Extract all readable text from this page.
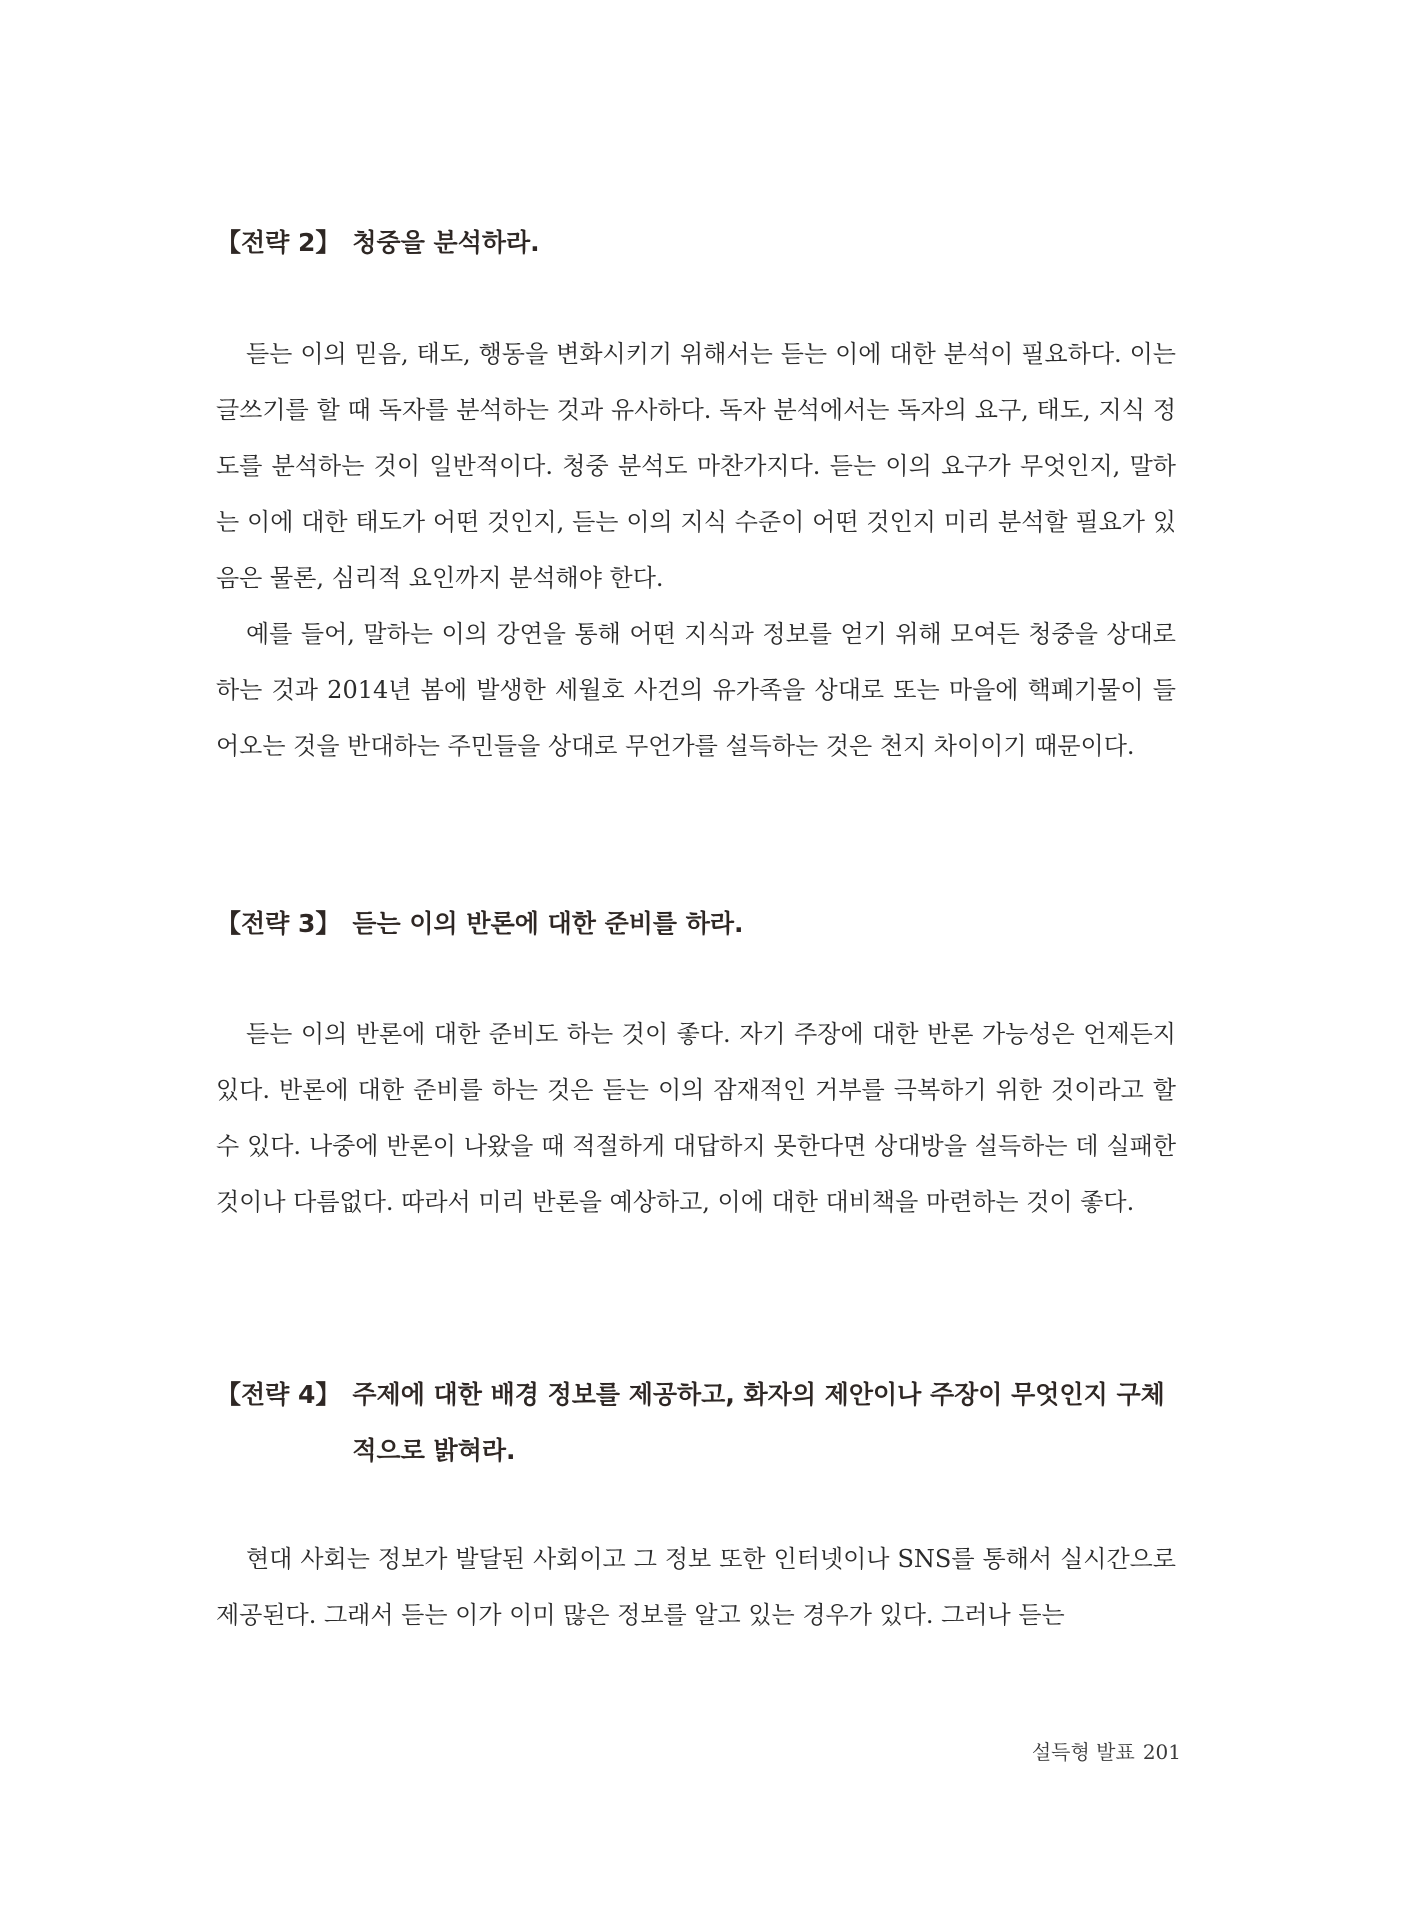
【전략 2】 청중을 분석하라.

듣는 이의 믿음, 태도, 행동을 변화시키기 위해서는 듣는 이에 대한 분석이 필요하다. 이는 글쓰기를 할 때 독자를 분석하는 것과 유사하다. 독자 분석에서는 독자의 요구, 태도, 지식 정도를 분석하는 것이 일반적이다. 청중 분석도 마찬가지다. 듣는 이의 요구가 무엇인지, 말하는 이에 대한 태도가 어떤 것인지, 듣는 이의 지식 수준이 어떤 것인지 미리 분석할 필요가 있음은 물론, 심리적 요인까지 분석해야 한다.

예를 들어, 말하는 이의 강연을 통해 어떤 지식과 정보를 얻기 위해 모여든 청중을 상대로 하는 것과 2014년 봄에 발생한 세월호 사건의 유가족을 상대로 또는 마을에 핵폐기물이 들어오는 것을 반대하는 주민들을 상대로 무언가를 설득하는 것은 천지 차이이기 때문이다.

【전략 3】 듣는 이의 반론에 대한 준비를 하라.

듣는 이의 반론에 대한 준비도 하는 것이 좋다. 자기 주장에 대한 반론 가능성은 언제든지 있다. 반론에 대한 준비를 하는 것은 듣는 이의 잠재적인 거부를 극복하기 위한 것이라고 할 수 있다. 나중에 반론이 나왔을 때 적절하게 대답하지 못한다면 상대방을 설득하는 데 실패한 것이나 다름없다. 따라서 미리 반론을 예상하고, 이에 대한 대비책을 마련하는 것이 좋다.

【전략 4】 주제에 대한 배경 정보를 제공하고, 화자의 제안이나 주장이 무엇인지 구체적으로 밝혀라.

현대 사회는 정보가 발달된 사회이고 그 정보 또한 인터넷이나 SNS를 통해서 실시간으로 제공된다. 그래서 듣는 이가 이미 많은 정보를 알고 있는 경우가 있다. 그러나 듣는

설득형 발표 201
